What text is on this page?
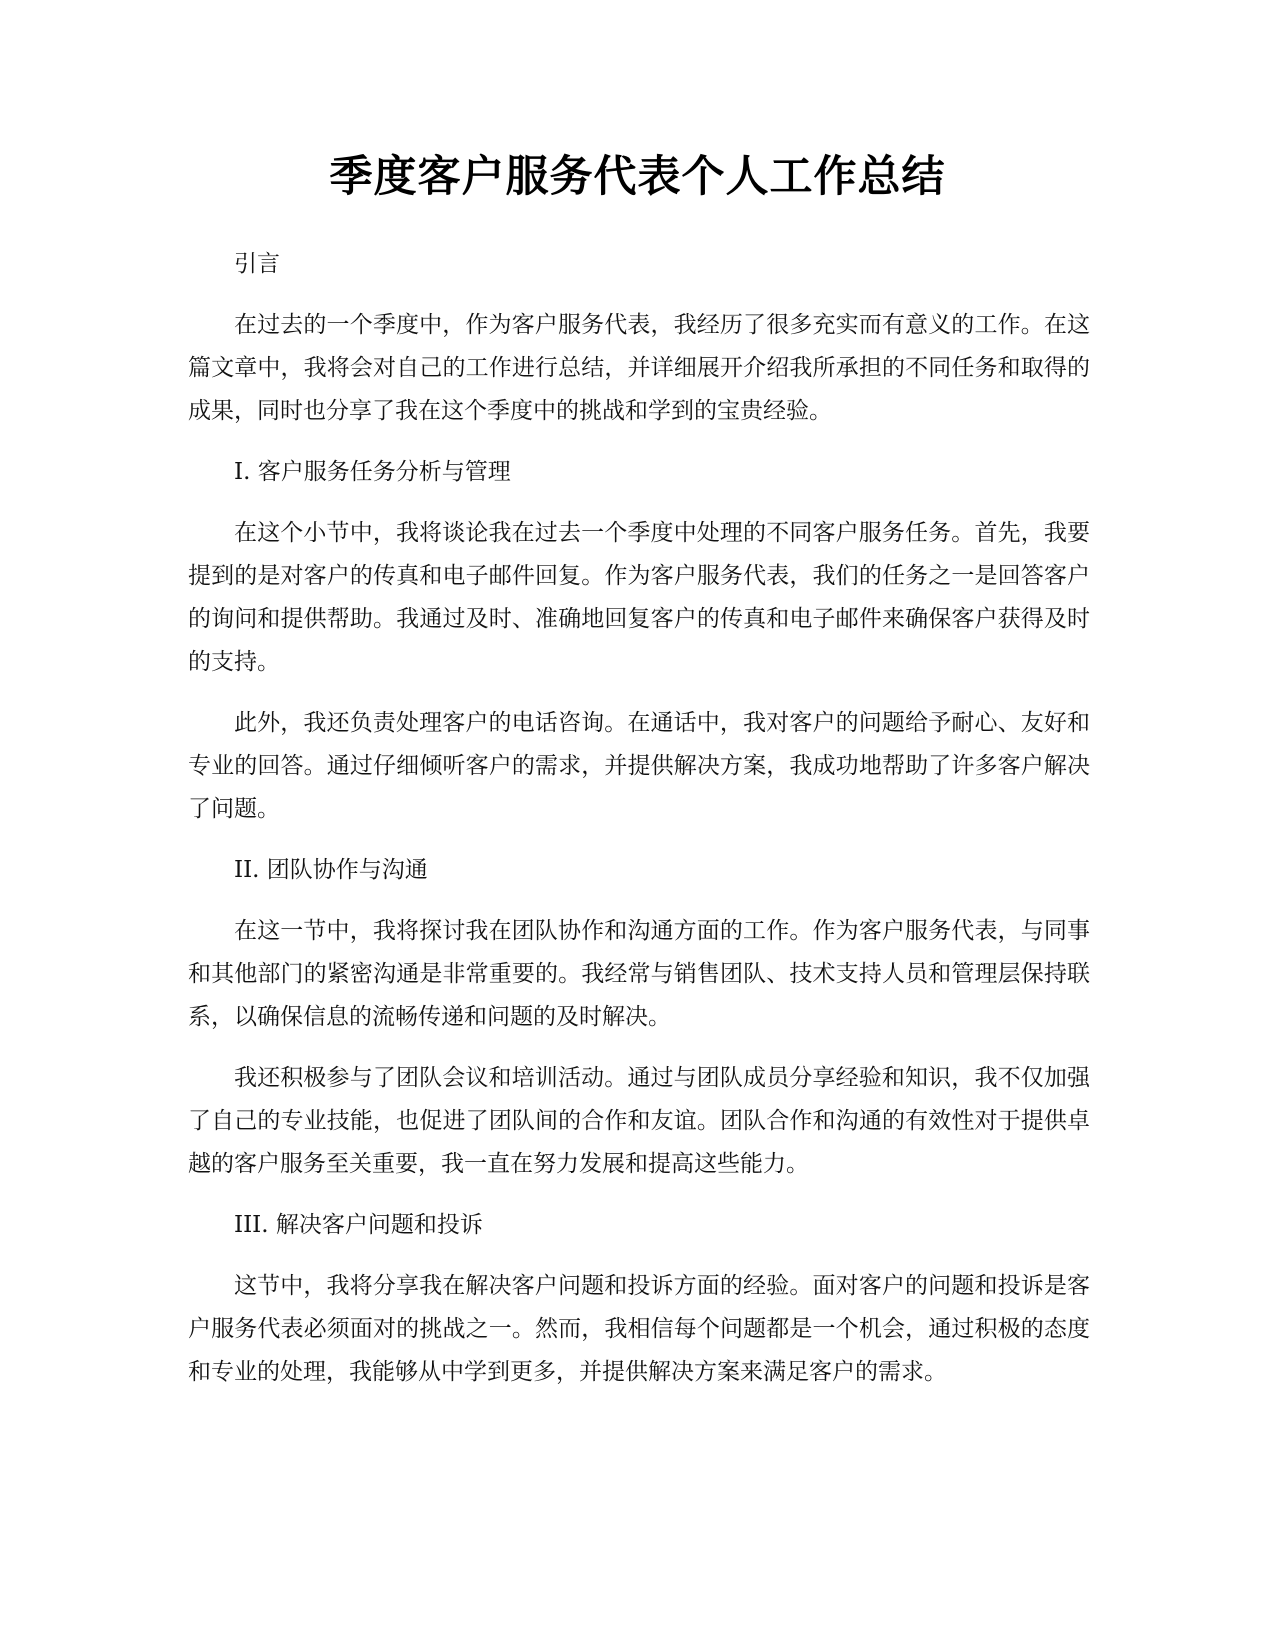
季度客户服务代表个人工作总结

引言

在过去的一个季度中，作为客户服务代表，我经历了很多充实而有意义的工作。在这篇文章中，我将会对自己的工作进行总结，并详细展开介绍我所承担的不同任务和取得的成果，同时也分享了我在这个季度中的挑战和学到的宝贵经验。

I. 客户服务任务分析与管理

在这个小节中，我将谈论我在过去一个季度中处理的不同客户服务任务。首先，我要提到的是对客户的传真和电子邮件回复。作为客户服务代表，我们的任务之一是回答客户的询问和提供帮助。我通过及时、准确地回复客户的传真和电子邮件来确保客户获得及时的支持。

此外，我还负责处理客户的电话咨询。在通话中，我对客户的问题给予耐心、友好和专业的回答。通过仔细倾听客户的需求，并提供解决方案，我成功地帮助了许多客户解决了问题。

II. 团队协作与沟通

在这一节中，我将探讨我在团队协作和沟通方面的工作。作为客户服务代表，与同事和其他部门的紧密沟通是非常重要的。我经常与销售团队、技术支持人员和管理层保持联系，以确保信息的流畅传递和问题的及时解决。

我还积极参与了团队会议和培训活动。通过与团队成员分享经验和知识，我不仅加强了自己的专业技能，也促进了团队间的合作和友谊。团队合作和沟通的有效性对于提供卓越的客户服务至关重要，我一直在努力发展和提高这些能力。

III. 解决客户问题和投诉

这节中，我将分享我在解决客户问题和投诉方面的经验。面对客户的问题和投诉是客户服务代表必须面对的挑战之一。然而，我相信每个问题都是一个机会，通过积极的态度和专业的处理，我能够从中学到更多，并提供解决方案来满足客户的需求。
